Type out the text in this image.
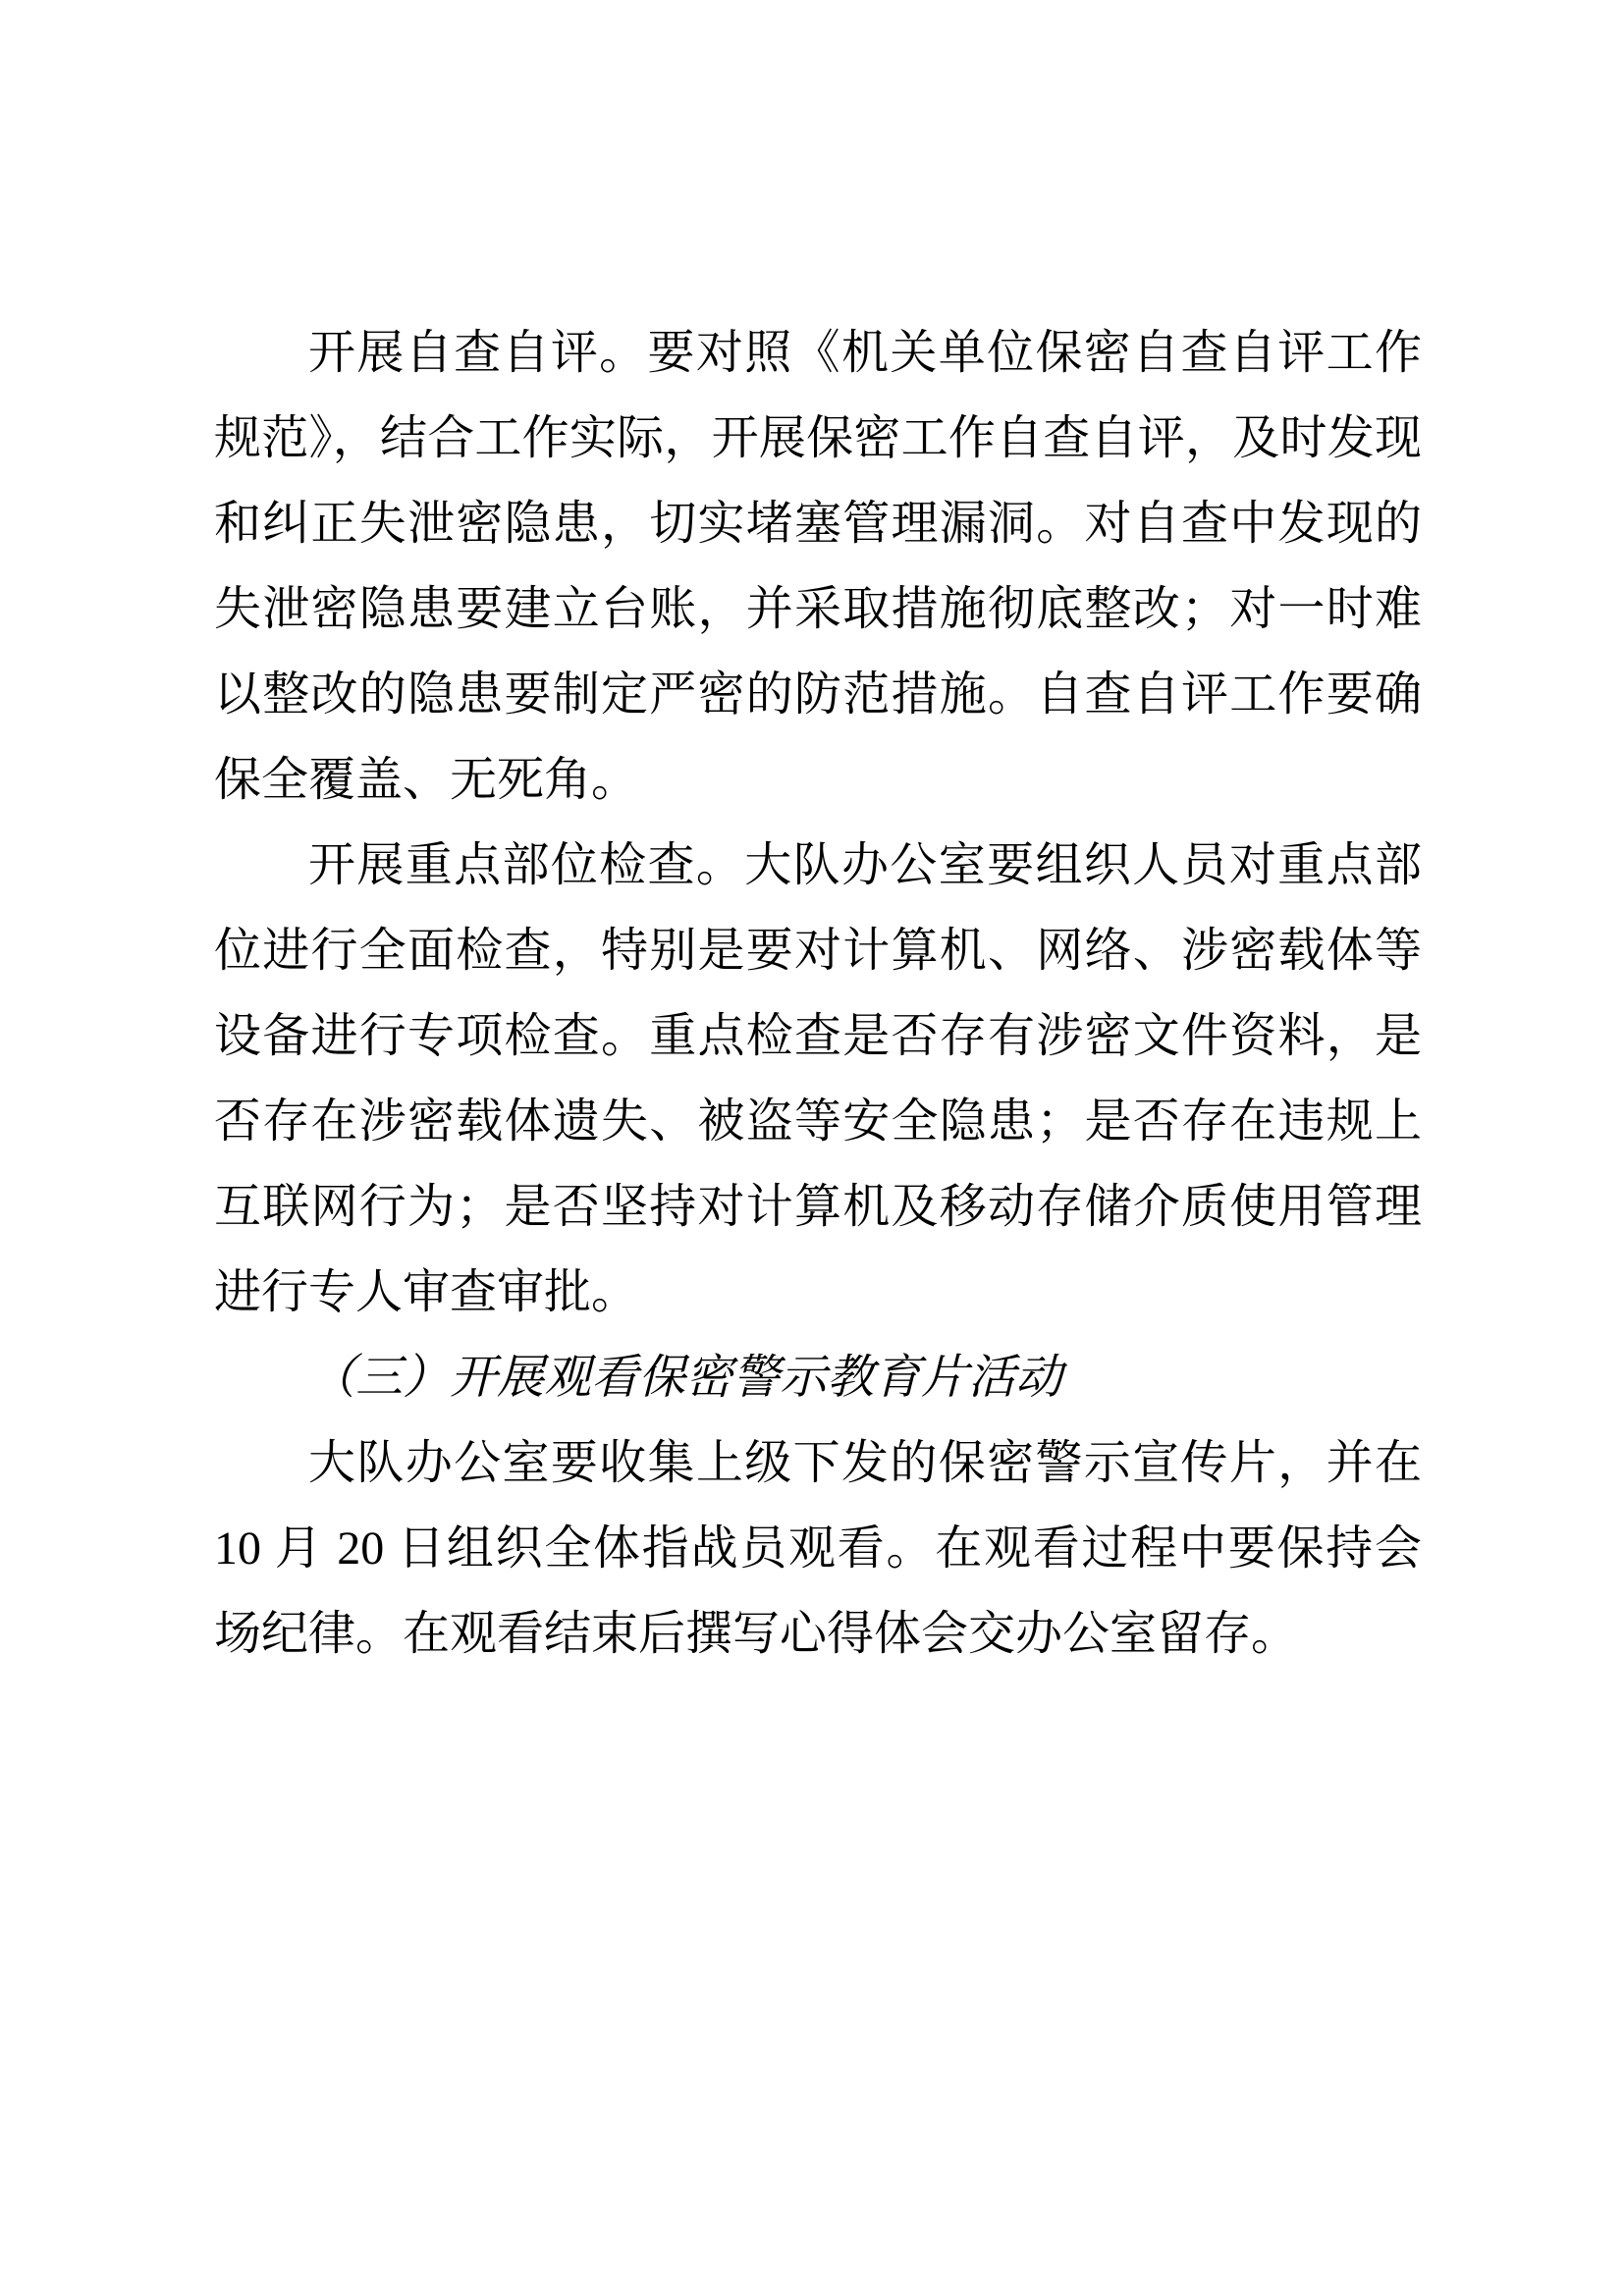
开展自查自评。要对照《机关单位保密自查自评工作规范》，结合工作实际，开展保密工作自查自评，及时发现和纠正失泄密隐患，切实堵塞管理漏洞。对自查中发现的失泄密隐患要建立台账，并采取措施彻底整改；对一时难以整改的隐患要制定严密的防范措施。自查自评工作要确保全覆盖、无死角。

开展重点部位检查。大队办公室要组织人员对重点部位进行全面检查，特别是要对计算机、网络、涉密载体等设备进行专项检查。重点检查是否存有涉密文件资料，是否存在涉密载体遗失、被盗等安全隐患；是否存在违规上互联网行为；是否坚持对计算机及移动存储介质使用管理进行专人审查审批。

（三）开展观看保密警示教育片活动

大队办公室要收集上级下发的保密警示宣传片，并在 10 月 20 日组织全体指战员观看。在观看过程中要保持会场纪律。在观看结束后撰写心得体会交办公室留存。
